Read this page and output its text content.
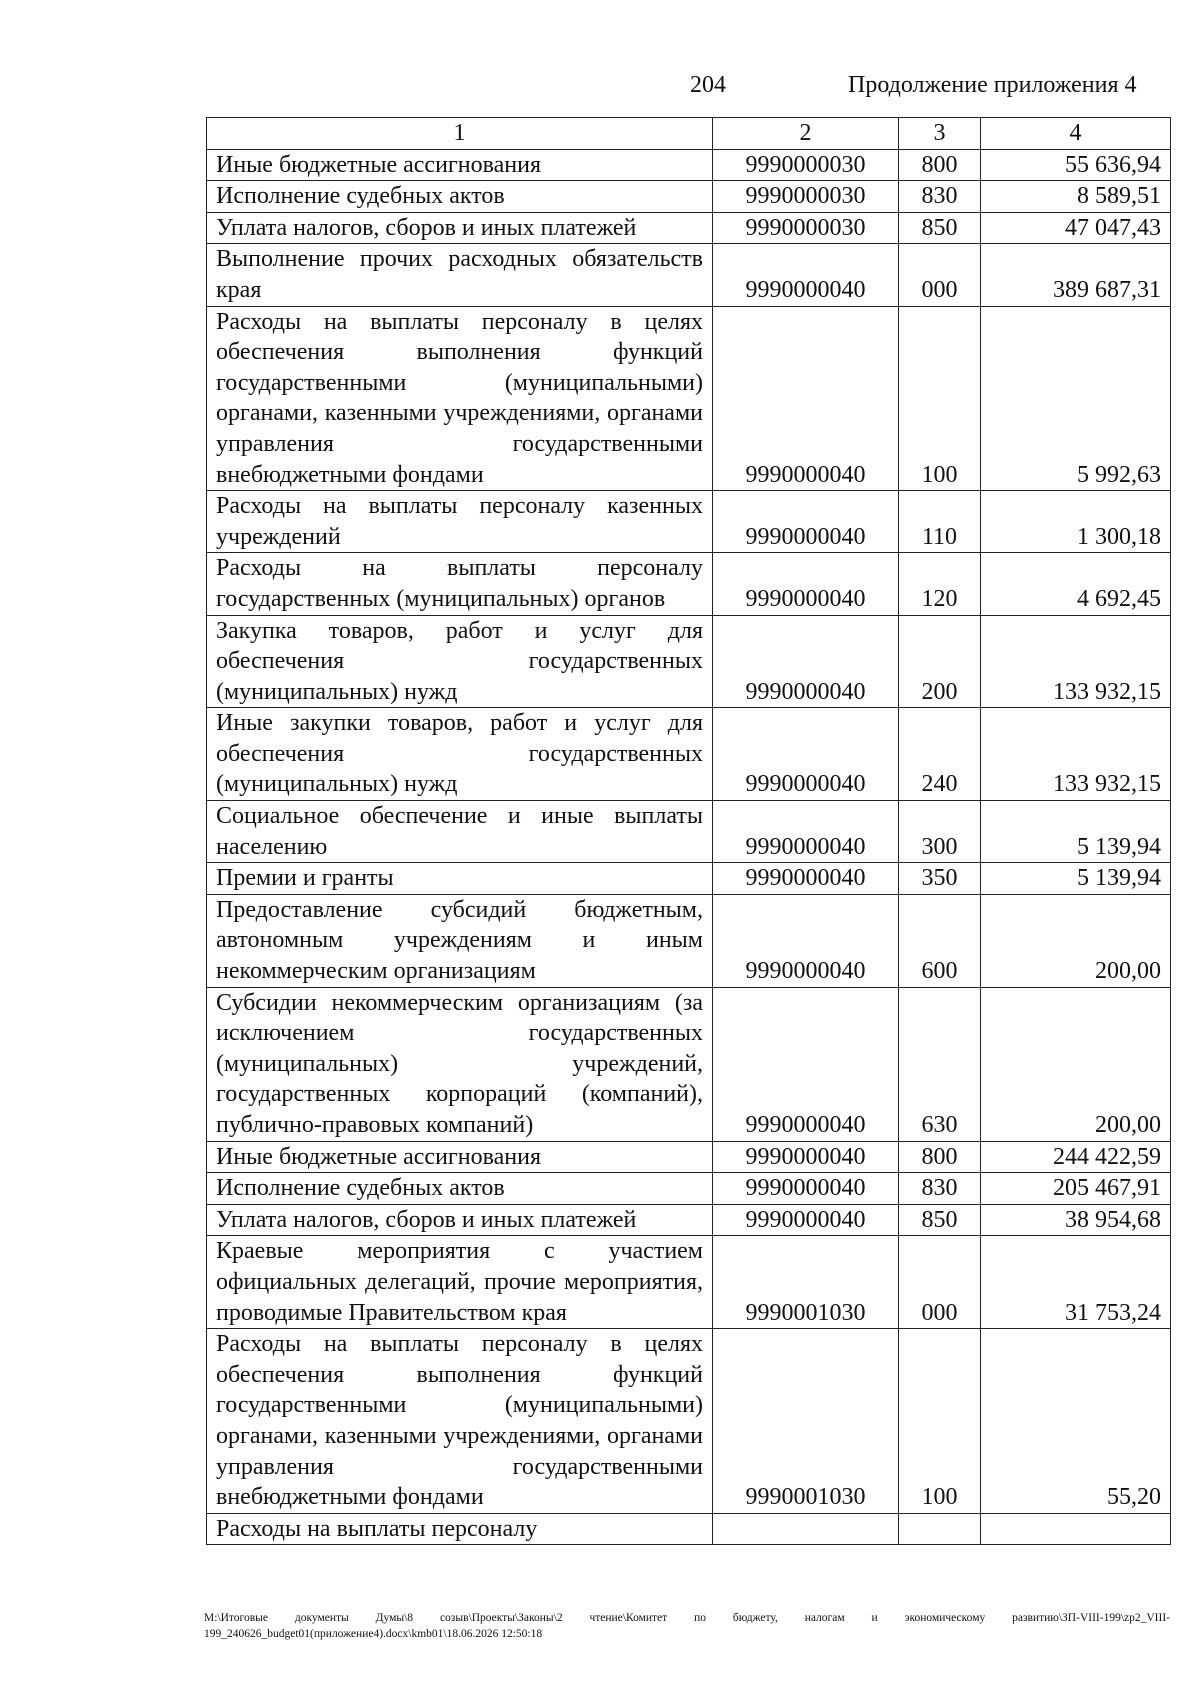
204	Продолжение приложения 4
1	2	3	4
Иные бюджетные ассигнования	9990000030	800	55 636,94
Исполнение судебных актов	9990000030	830	8 589,51
Уплата налогов, сборов и иных платежей	9990000030	850	47 047,43
Выполнение прочих расходных обязательств края	9990000040	000	389 687,31
Расходы на выплаты персоналу в целях обеспечения выполнения функций государственными (муниципальными) органами, казенными учреждениями, органами управления государственными внебюджетными фондами	9990000040	100	5 992,63
Расходы на выплаты персоналу казенных учреждений	9990000040	110	1 300,18
Расходы на выплаты персоналу государственных (муниципальных) органов	9990000040	120	4 692,45
Закупка товаров, работ и услуг для обеспечения государственных (муниципальных) нужд	9990000040	200	133 932,15
Иные закупки товаров, работ и услуг для обеспечения государственных (муниципальных) нужд	9990000040	240	133 932,15
Социальное обеспечение и иные выплаты населению	9990000040	300	5 139,94
Премии и гранты	9990000040	350	5 139,94
Предоставление субсидий бюджетным, автономным учреждениям и иным некоммерческим организациям	9990000040	600	200,00
Субсидии некоммерческим организациям (за исключением государственных (муниципальных) учреждений, государственных корпораций (компаний), публично-правовых компаний)	9990000040	630	200,00
Иные бюджетные ассигнования	9990000040	800	244 422,59
Исполнение судебных актов	9990000040	830	205 467,91
Уплата налогов, сборов и иных платежей	9990000040	850	38 954,68
Краевые мероприятия с участием официальных делегаций, прочие мероприятия, проводимые Правительством края	9990001030	000	31 753,24
Расходы на выплаты персоналу в целях обеспечения выполнения функций государственными (муниципальными) органами, казенными учреждениями, органами управления государственными внебюджетными фондами	9990001030	100	55,20
Расходы на выплаты персоналу			
М:\Итоговые документы Думы\8 созыв\Проекты\Законы\2 чтение\Комитет по бюджету, налогам и экономическому развитию\ЗП-VIII-199\zp2_VIII-199_240626_budget01(приложение4).docx\kmb01\18.06.2026 12:50:18
